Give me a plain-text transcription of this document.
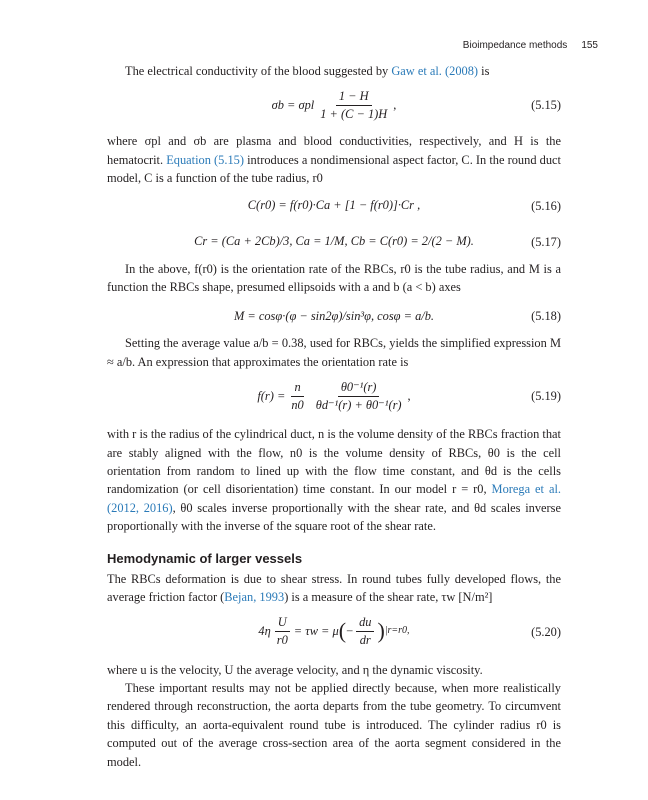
Bioimpedance methods 155

The electrical conductivity of the blood suggested by Gaw et al. (2008) is

σb = σpl $\frac{1 - H}{1 + (C - 1)H}$ ,	(5.15)

where σpl and σb are plasma and blood conductivities, respectively, and H is the hematocrit. Equation (5.15) introduces a nondimensional aspect factor, C. In the round duct model, C is a function of the tube radius, r0

C(r0) = f(r0)·Ca + [1 − f(r0)]·Cr ,	(5.16)
Cr = (Ca + 2Cb)/3, Ca = 1/M, Cb = C(r0) = 2/(2 − M).	(5.17)

In the above, f(r0) is the orientation rate of the RBCs, r0 is the tube radius, and M is a function the RBCs shape, presumed ellipsoids with a and b (a < b) axes

M = cosφ·(φ − sin2φ)/sin³φ, cosφ = a/b.	(5.18)

Setting the average value a/b = 0.38, used for RBCs, yields the simplified expression M ≈ a/b. An expression that approximates the orientation rate is

$f(r) = \frac{n}{n0} \frac{\text{θ0⁻¹(r)}}{\text{θd⁻¹(r) + θ0⁻¹(r)}}$ ,	(5.19)

with r is the radius of the cylindrical duct, n is the volume density of the RBCs fraction that are stably aligned with the flow, n0 is the volume density of RBCs, θ0 is the cell orientation from random to lined up with the flow time constant, and θd is the cells randomization (or cell disorientation) time constant. In our model r = r0, Morega et al. (2012, 2016), θ0 scales inverse proportionally with the shear rate, and θd scales inverse proportionally with the inverse of the square root of the shear rate.

Hemodynamic of larger vessels

The RBCs deformation is due to shear stress. In round tubes fully developed flows, the average friction factor (Bejan, 1993) is a measure of the shear rate, τw [N/m²]

$4\eta \frac{U}{r0} = \tau w = \mu$ ( − $\frac{du}{dr}$ ) |r=r0,	(5.20)

where u is the velocity, U the average velocity, and η the dynamic viscosity.

These important results may not be applied directly because, when more realistically rendered through reconstruction, the aorta departs from the tube geometry. To circumvent this difficulty, an aorta-equivalent round tube is introduced. The cylinder radius r0 is computed out of the average cross-section area of the aorta segment considered in the model.
